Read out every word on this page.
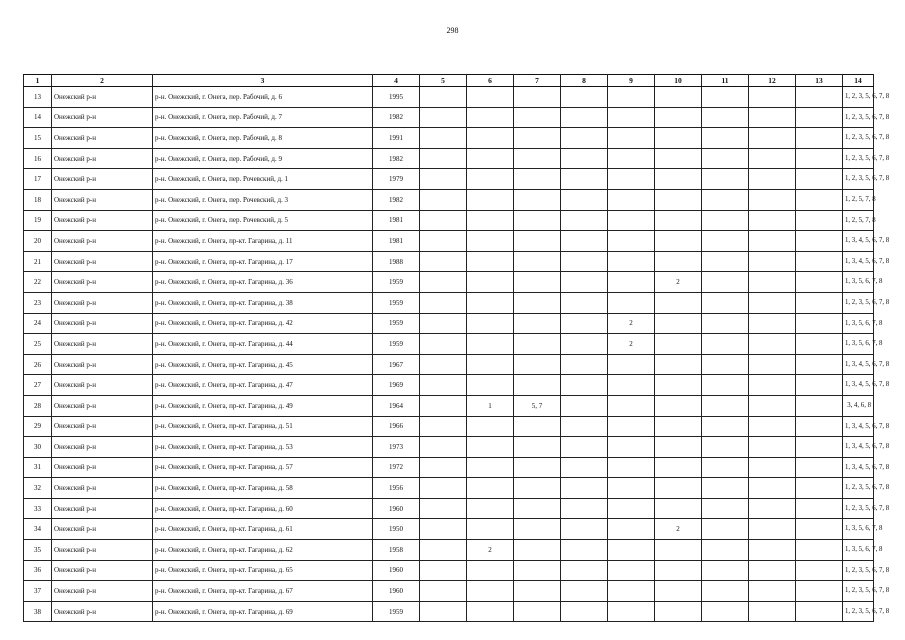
298
1	2	3	4	5	6	7	8	9	10	11	12	13	14
13	Онежский р-н	р-н. Онежский, г. Онега, пер. Рабочий, д. 6	1995										1, 2, 3, 5, 6, 7, 8
14	Онежский р-н	р-н. Онежский, г. Онега, пер. Рабочий, д. 7	1982										1, 2, 3, 5, 6, 7, 8
15	Онежский р-н	р-н. Онежский, г. Онега, пер. Рабочий, д. 8	1991										1, 2, 3, 5, 6, 7, 8
16	Онежский р-н	р-н. Онежский, г. Онега, пер. Рабочий, д. 9	1982										1, 2, 3, 5, 6, 7, 8
17	Онежский р-н	р-н. Онежский, г. Онега, пер. Рочевский, д. 1	1979										1, 2, 3, 5, 6, 7, 8
18	Онежский р-н	р-н. Онежский, г. Онега, пер. Рочевский, д. 3	1982										1, 2, 5, 7, 8
19	Онежский р-н	р-н. Онежский, г. Онега, пер. Рочевский, д. 5	1981										1, 2, 5, 7, 8
20	Онежский р-н	р-н. Онежский, г. Онега, пр-кт. Гагарина, д. 11	1981										1, 3, 4, 5, 6, 7, 8
21	Онежский р-н	р-н. Онежский, г. Онега, пр-кт. Гагарина, д. 17	1988										1, 3, 4, 5, 6, 7, 8
22	Онежский р-н	р-н. Онежский, г. Онега, пр-кт. Гагарина, д. 36	1959						2				1, 3, 5, 6, 7, 8
23	Онежский р-н	р-н. Онежский, г. Онега, пр-кт. Гагарина, д. 38	1959										1, 2, 3, 5, 6, 7, 8
24	Онежский р-н	р-н. Онежский, г. Онега, пр-кт. Гагарина, д. 42	1959					2					1, 3, 5, 6, 7, 8
25	Онежский р-н	р-н. Онежский, г. Онега, пр-кт. Гагарина, д. 44	1959					2					1, 3, 5, 6, 7, 8
26	Онежский р-н	р-н. Онежский, г. Онега, пр-кт. Гагарина, д. 45	1967										1, 3, 4, 5, 6, 7, 8
27	Онежский р-н	р-н. Онежский, г. Онега, пр-кт. Гагарина, д. 47	1969										1, 3, 4, 5, 6, 7, 8
28	Онежский р-н	р-н. Онежский, г. Онега, пр-кт. Гагарина, д. 49	1964		1	5, 7							3, 4, 6, 8
29	Онежский р-н	р-н. Онежский, г. Онега, пр-кт. Гагарина, д. 51	1966										1, 3, 4, 5, 6, 7, 8
30	Онежский р-н	р-н. Онежский, г. Онега, пр-кт. Гагарина, д. 53	1973										1, 3, 4, 5, 6, 7, 8
31	Онежский р-н	р-н. Онежский, г. Онега, пр-кт. Гагарина, д. 57	1972										1, 3, 4, 5, 6, 7, 8
32	Онежский р-н	р-н. Онежский, г. Онега, пр-кт. Гагарина, д. 58	1956										1, 2, 3, 5, 6, 7, 8
33	Онежский р-н	р-н. Онежский, г. Онега, пр-кт. Гагарина, д. 60	1960										1, 2, 3, 5, 6, 7, 8
34	Онежский р-н	р-н. Онежский, г. Онега, пр-кт. Гагарина, д. 61	1950						2				1, 3, 5, 6, 7, 8
35	Онежский р-н	р-н. Онежский, г. Онега, пр-кт. Гагарина, д. 62	1958		2								1, 3, 5, 6, 7, 8
36	Онежский р-н	р-н. Онежский, г. Онега, пр-кт. Гагарина, д. 65	1960										1, 2, 3, 5, 6, 7, 8
37	Онежский р-н	р-н. Онежский, г. Онега, пр-кт. Гагарина, д. 67	1960										1, 2, 3, 5, 6, 7, 8
38	Онежский р-н	р-н. Онежский, г. Онега, пр-кт. Гагарина, д. 69	1959										1, 2, 3, 5, 6, 7, 8
